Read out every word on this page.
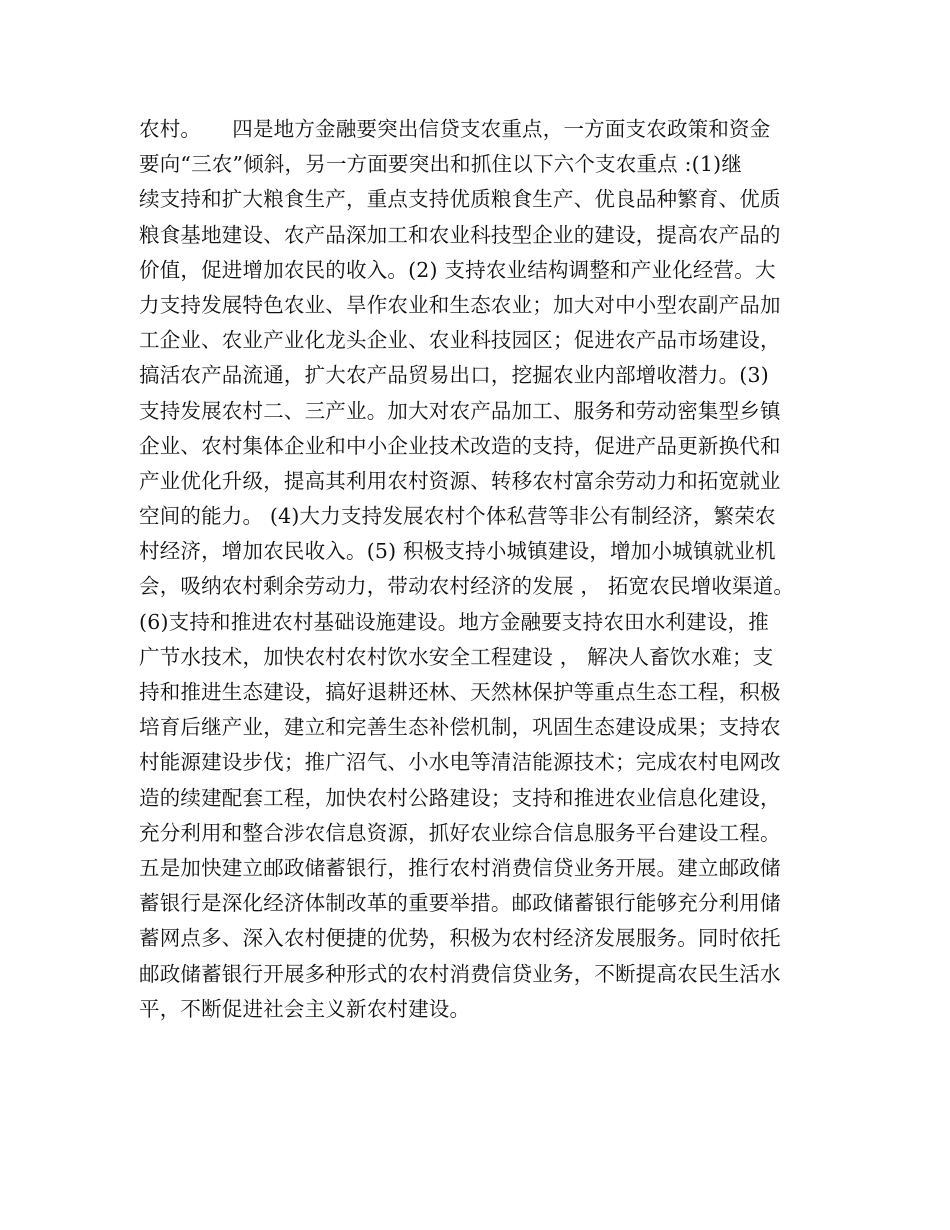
农村。　　四是地方金融要突出信贷支农重点，一方面支农政策和资金
要向“三农”倾斜，另一方面要突出和抓住以下六个支农重点 :(1)继
续支持和扩大粮食生产，重点支持优质粮食生产、优良品种繁育、优质
粮食基地建设、农产品深加工和农业科技型企业的建设，提高农产品的
价值，促进增加农民的收入。(2) 支持农业结构调整和产业化经营。大
力支持发展特色农业、旱作农业和生态农业；加大对中小型农副产品加
工企业、农业产业化龙头企业、农业科技园区；促进农产品市场建设，
搞活农产品流通，扩大农产品贸易出口，挖掘农业内部增收潜力。(3)
支持发展农村二、三产业。加大对农产品加工、服务和劳动密集型乡镇
企业、农村集体企业和中小企业技术改造的支持，促进产品更新换代和
产业优化升级，提高其利用农村资源、转移农村富余劳动力和拓宽就业
空间的能力。 (4)大力支持发展农村个体私营等非公有制经济，繁荣农
村经济，增加农民收入。(5) 积极支持小城镇建设，增加小城镇就业机
会，吸纳农村剩余劳动力，带动农村经济的发展 ， 拓宽农民增收渠道。
(6)支持和推进农村基础设施建设。地方金融要支持农田水利建设，推
广节水技术，加快农村农村饮水安全工程建设 ， 解决人畜饮水难；支
持和推进生态建设，搞好退耕还林、天然林保护等重点生态工程，积极
培育后继产业，建立和完善生态补偿机制，巩固生态建设成果；支持农
村能源建设步伐；推广沼气、小水电等清洁能源技术；完成农村电网改
造的续建配套工程，加快农村公路建设；支持和推进农业信息化建设，
充分利用和整合涉农信息资源，抓好农业综合信息服务平台建设工程。
五是加快建立邮政储蓄银行，推行农村消费信贷业务开展。建立邮政储
蓄银行是深化经济体制改革的重要举措。邮政储蓄银行能够充分利用储
蓄网点多、深入农村便捷的优势，积极为农村经济发展服务。同时依托
邮政储蓄银行开展多种形式的农村消费信贷业务，不断提高农民生活水
平，不断促进社会主义新农村建设。
